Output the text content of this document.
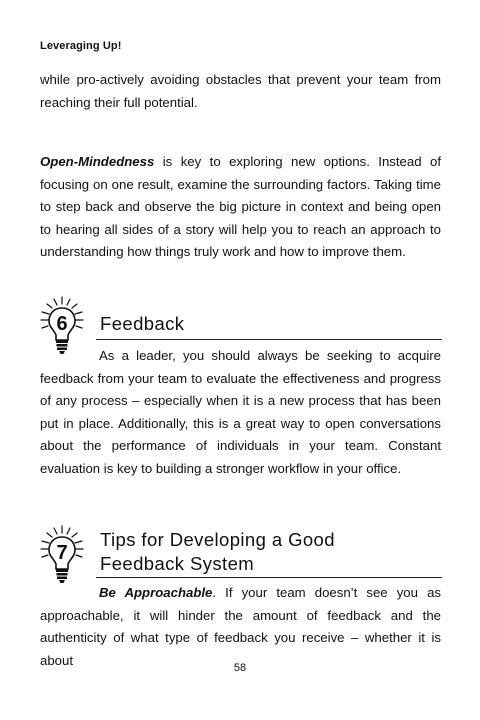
Leveraging Up!

while pro-actively avoiding obstacles that prevent your team from reaching their full potential.

Open-Mindedness is key to exploring new options. Instead of focusing on one result, examine the surrounding factors. Taking time to step back and observe the big picture in context and being open to hearing all sides of a story will help you to reach an approach to understanding how things truly work and how to improve them.

6 Feedback

As a leader, you should always be seeking to acquire feedback from your team to evaluate the effectiveness and progress of any process – especially when it is a new process that has been put in place. Additionally, this is a great way to open conversations about the performance of individuals in your team. Constant evaluation is key to building a stronger workflow in your office.

7
Tips for Developing a Good
Feedback System

Be Approachable. If your team doesn’t see you as approachable, it will hinder the amount of feedback and the authenticity of what type of feedback you receive – whether it is about

58
